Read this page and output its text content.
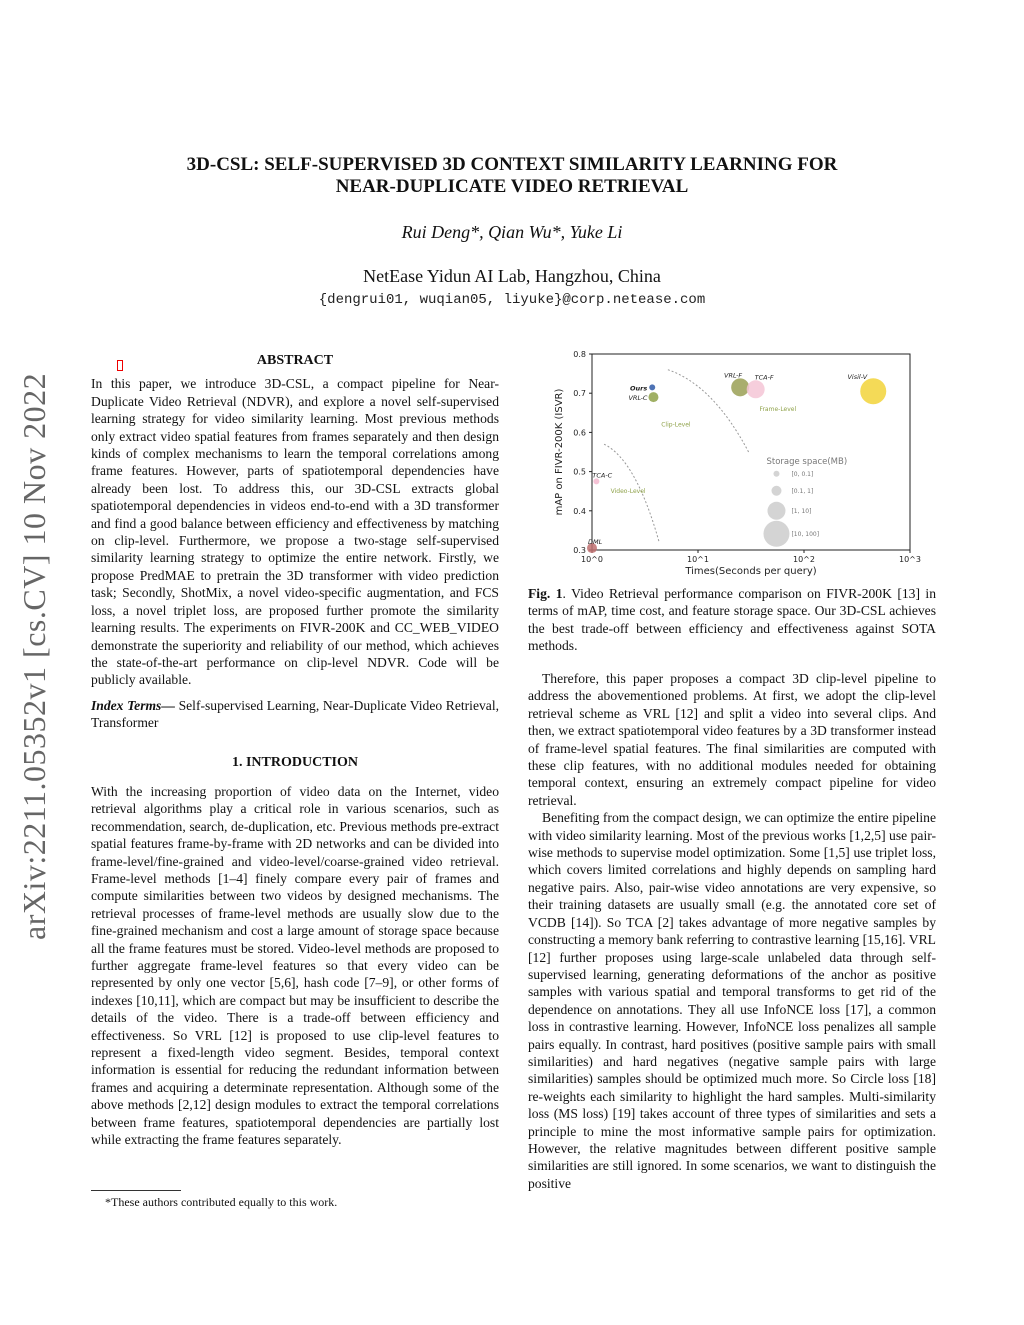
arXiv:2211.05352v1 [cs.CV] 10 Nov 2022
3D-CSL: SELF-SUPERVISED 3D CONTEXT SIMILARITY LEARNING FOR
NEAR-DUPLICATE VIDEO RETRIEVAL
Rui Deng*, Qian Wu*, Yuke Li
NetEase Yidun AI Lab, Hangzhou, China
{dengrui01, wuqian05, liyuke}@corp.netease.com
ABSTRACT

In this paper, we introduce 3D-CSL, a compact pipeline for Near-Duplicate Video Retrieval (NDVR), and explore a novel self-supervised learning strategy for video similarity learning. Most previous methods only extract video spatial features from frames separately and then design kinds of complex mechanisms to learn the temporal correlations among frame features. However, parts of spatiotemporal dependencies have already been lost. To address this, our 3D-CSL extracts global spatiotemporal dependencies in videos end-to-end with a 3D transformer and find a good balance between efficiency and effectiveness by matching on clip-level. Furthermore, we propose a two-stage self-supervised similarity learning strategy to optimize the entire network. Firstly, we propose PredMAE to pretrain the 3D transformer with video prediction task; Secondly, ShotMix, a novel video-specific augmentation, and FCS loss, a novel triplet loss, are proposed further promote the similarity learning results. The experiments on FIVR-200K and CC_WEB_VIDEO demonstrate the superiority and reliability of our method, which achieves the state-of-the-art performance on clip-level NDVR. Code will be publicly available.

Index Terms— Self-supervised Learning, Near-Duplicate Video Retrieval, Transformer

1. INTRODUCTION

With the increasing proportion of video data on the Internet, video retrieval algorithms play a critical role in various scenarios, such as recommendation, search, de-duplication, etc. Previous methods pre-extract spatial features frame-by-frame with 2D networks and can be divided into frame-level/fine-grained and video-level/coarse-grained video retrieval. Frame-level methods [1–4] finely compare every pair of frames and compute similarities between two videos by designed mechanisms. The retrieval processes of frame-level methods are usually slow due to the fine-grained mechanism and cost a large amount of storage space because all the frame features must be stored. Video-level methods are proposed to further aggregate frame-level features so that every video can be represented by only one vector [5,6], hash code [7–9], or other forms of indexes [10,11], which are compact but may be insufficient to describe the details of the video. There is a trade-off between efficiency and effectiveness. So VRL [12] is proposed to use clip-level features to represent a fixed-length video segment. Besides, temporal context information is essential for reducing the redundant information between frames and acquiring a determinate representation. Although some of the above methods [2,12] design modules to extract the temporal correlations between frame features, spatiotemporal dependencies are partially lost while extracting the frame features separately.

*These authors contributed equally to this work.
0.3
0.4
0.5
0.6
0.7
0.8
10^0	10^1	10^2	10^3
Times(Seconds per query)
mAP on FIVR-200K (ISVR)	Frame-Level
Clip-Level
Video-Level
Ours
VRL-C
TCA-C
DML
VRL-F TCA-F	Visil-V
Storage space(MB)
[0, 0.1]
[0.1, 1]
[1, 10]
[10, 100]
Fig. 1. Video Retrieval performance comparison on FIVR-200K [13] in terms of mAP, time cost, and feature storage space. Our 3D-CSL achieves the best trade-off between efficiency and effectiveness against SOTA methods.

Therefore, this paper proposes a compact 3D clip-level pipeline to address the abovementioned problems. At first, we adopt the clip-level retrieval scheme as VRL [12] and split a video into several clips. And then, we extract spatiotemporal video features by a 3D transformer instead of frame-level spatial features. The final similarities are computed with these clip features, with no additional modules needed for obtaining temporal context, ensuring an extremely compact pipeline for video retrieval.

Benefiting from the compact design, we can optimize the entire pipeline with video similarity learning. Most of the previous works [1,2,5] use pair-wise methods to supervise model optimization. Some [1,5] use triplet loss, which covers limited correlations and highly depends on sampling hard negative pairs. Also, pair-wise video annotations are very expensive, so their training datasets are usually small (e.g. the annotated core set of VCDB [14]). So TCA [2] takes advantage of more negative samples by constructing a memory bank referring to contrastive learning [15,16]. VRL [12] further proposes using large-scale unlabeled data through self-supervised learning, generating deformations of the anchor as positive samples with various spatial and temporal transforms to get rid of the dependence on annotations. They all use InfoNCE loss [17], a common loss in contrastive learning. However, InfoNCE loss penalizes all sample pairs equally. In contrast, hard positives (positive sample pairs with small similarities) and hard negatives (negative sample pairs with large similarities) samples should be optimized much more. So Circle loss [18] re-weights each similarity to highlight the hard samples. Multi-similarity loss (MS loss) [19] takes account of three types of similarities and sets a principle to mine the most informative sample pairs for optimization. However, the relative magnitudes between different positive sample similarities are still ignored. In some scenarios, we want to distinguish the positive
